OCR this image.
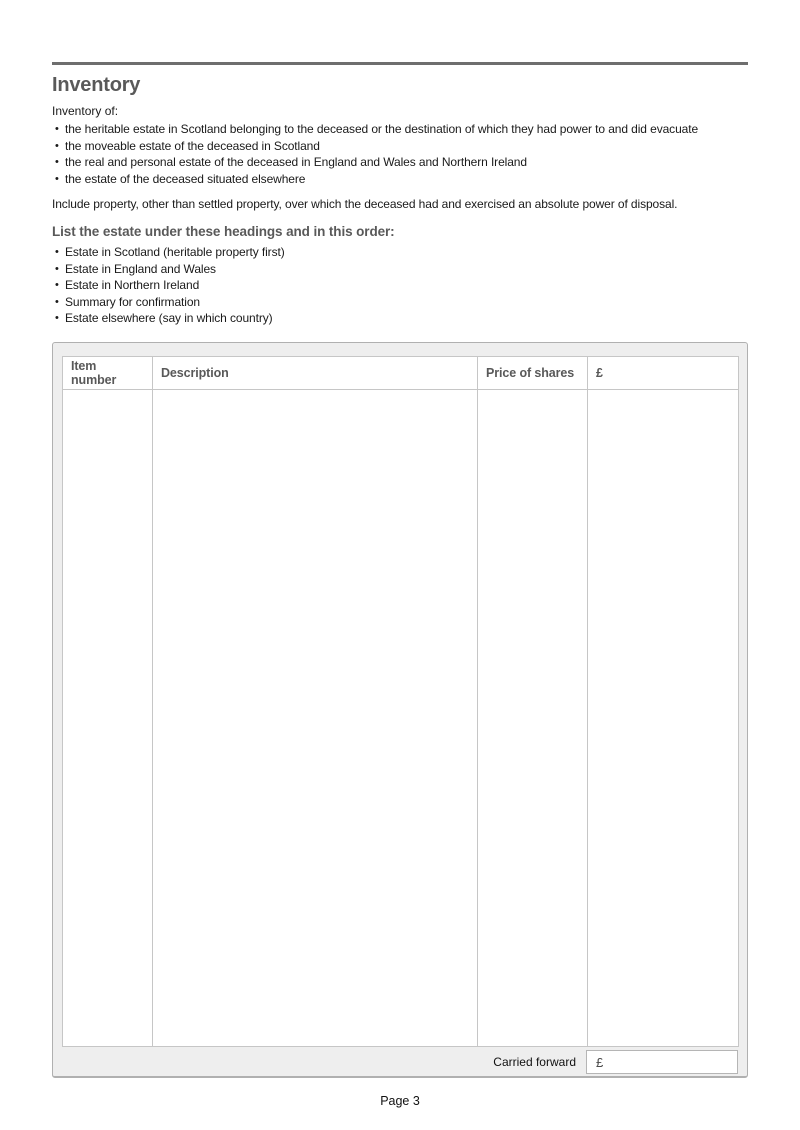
Inventory

Inventory of:

• the heritable estate in Scotland belonging to the deceased or the destination of which they had power to and did evacuate
• the moveable estate of the deceased in Scotland
• the real and personal estate of the deceased in England and Wales and Northern Ireland
• the estate of the deceased situated elsewhere

Include property, other than settled property, over which the deceased had and exercised an absolute power of disposal.

List the estate under these headings and in this order:
• Estate in Scotland (heritable property first)
• Estate in England and Wales
• Estate in Northern Ireland
• Summary for confirmation
• Estate elsewhere (say in which country)
Item number	Description	Price of shares	£

Carried forward £
Page 3
